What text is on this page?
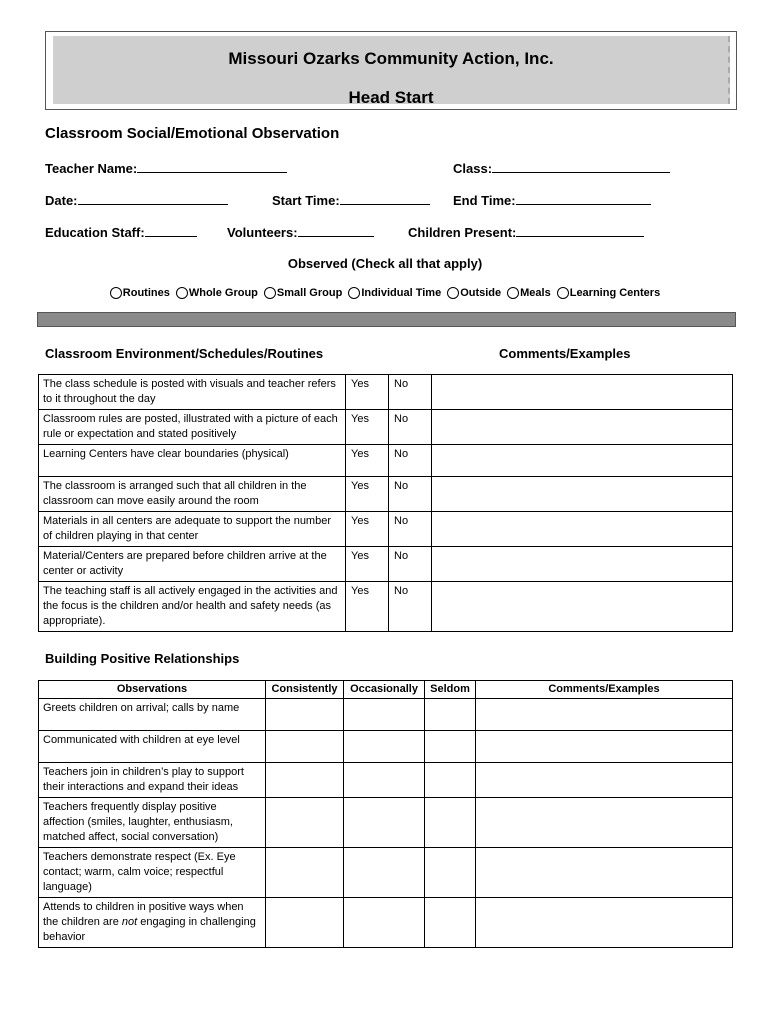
Missouri Ozarks Community Action, Inc.
Head Start
Classroom Social/Emotional Observation
Teacher Name:	Class:
Date:	Start Time:	End Time:
Education Staff:	Volunteers:	Children Present:
Observed (Check all that apply)
Routines Whole Group Small Group Individual Time Outside Meals Learning Centers
Classroom Environment/Schedules/Routines	Comments/Examples
The class schedule is posted with visuals and teacher refers to it throughout the day	Yes	No	
Classroom rules are posted, illustrated with a picture of each rule or expectation and stated positively	Yes	No	
Learning Centers have clear boundaries (physical)	Yes	No	
The classroom is arranged such that all children in the classroom can move easily around the room	Yes	No	
Materials in all centers are adequate to support the number of children playing in that center	Yes	No	
Material/Centers are prepared before children arrive at the center or activity	Yes	No	
The teaching staff is all actively engaged in the activities and the focus is the children and/or health and safety needs (as appropriate).	Yes	No	
Building Positive Relationships
Observations	Consistently	Occasionally	Seldom	Comments/Examples
Greets children on arrival; calls by name				
Communicated with children at eye level				
Teachers join in children’s play to support their interactions and expand their ideas				
Teachers frequently display positive affection (smiles, laughter, enthusiasm, matched affect, social conversation)				
Teachers demonstrate respect (Ex. Eye contact; warm, calm voice; respectful language)				
Attends to children in positive ways when the children are not engaging in challenging behavior				
